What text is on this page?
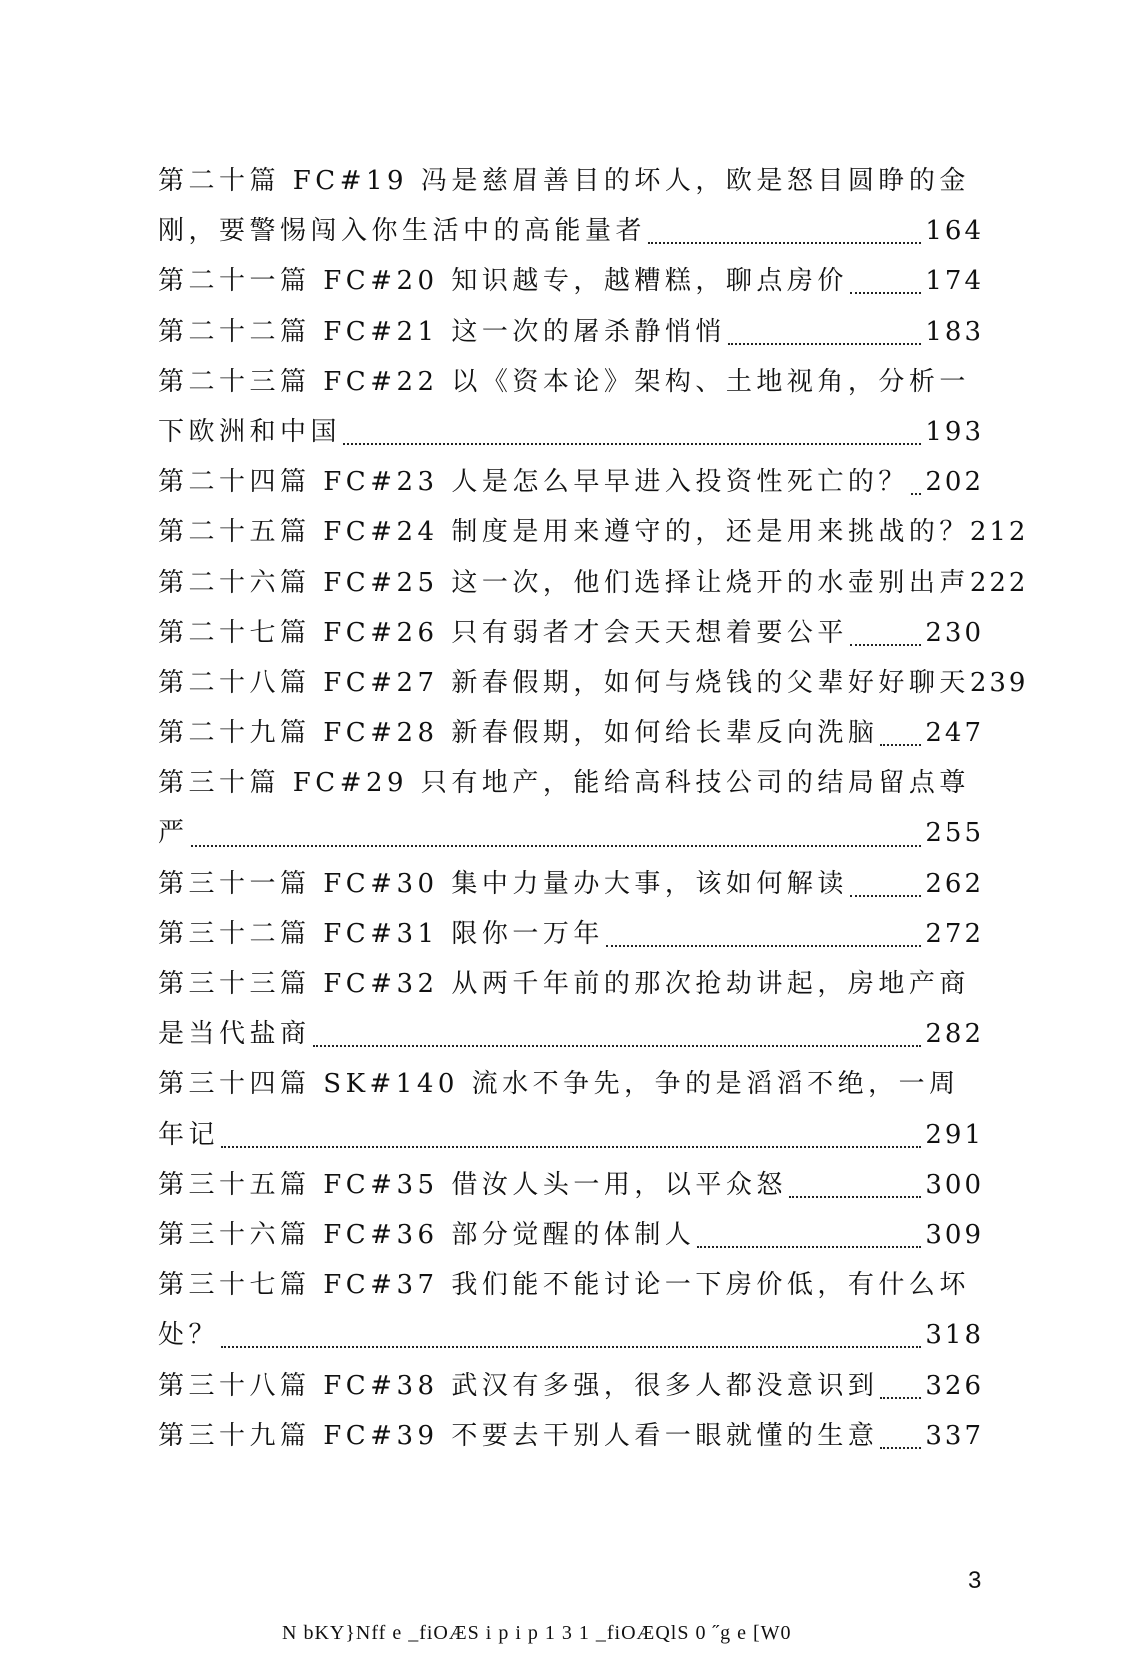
第二十篇 FC#19 冯是慈眉善目的坏人，欧是怒目圆睁的金
刚，要警惕闯入你生活中的高能量者	164
第二十一篇 FC#20 知识越专，越糟糕，聊点房价	174
第二十二篇 FC#21 这一次的屠杀静悄悄	183
第二十三篇 FC#22 以《资本论》架构、土地视角，分析一
下欧洲和中国	193
第二十四篇 FC#23 人是怎么早早进入投资性死亡的？ 202
第二十五篇 FC#24 制度是用来遵守的，还是用来挑战的？ 212
第二十六篇 FC#25 这一次，他们选择让烧开的水壶别出声 222
第二十七篇 FC#26 只有弱者才会天天想着要公平	230
第二十八篇 FC#27 新春假期，如何与烧钱的父辈好好聊天 239
第二十九篇 FC#28 新春假期，如何给长辈反向洗脑 247
第三十篇 FC#29 只有地产，能给高科技公司的结局留点尊
严	255
第三十一篇 FC#30 集中力量办大事，该如何解读	262
第三十二篇 FC#31 限你一万年	272
第三十三篇 FC#32 从两千年前的那次抢劫讲起，房地产商
是当代盐商	282
第三十四篇 SK#140 流水不争先，争的是滔滔不绝，一周
年记	291
第三十五篇 FC#35 借汝人头一用，以平众怒	300
第三十六篇 FC#36 部分觉醒的体制人	309
第三十七篇 FC#37 我们能不能讨论一下房价低，有什么坏
处？	318
第三十八篇 FC#38 武汉有多强，很多人都没意识到 326
第三十九篇 FC#39 不要去干别人看一眼就懂的生意 337
3
N bKY}Nff e _fiOÆS i p i p 1 3 1 _fiOÆQlS 0 ˝g e [W0
